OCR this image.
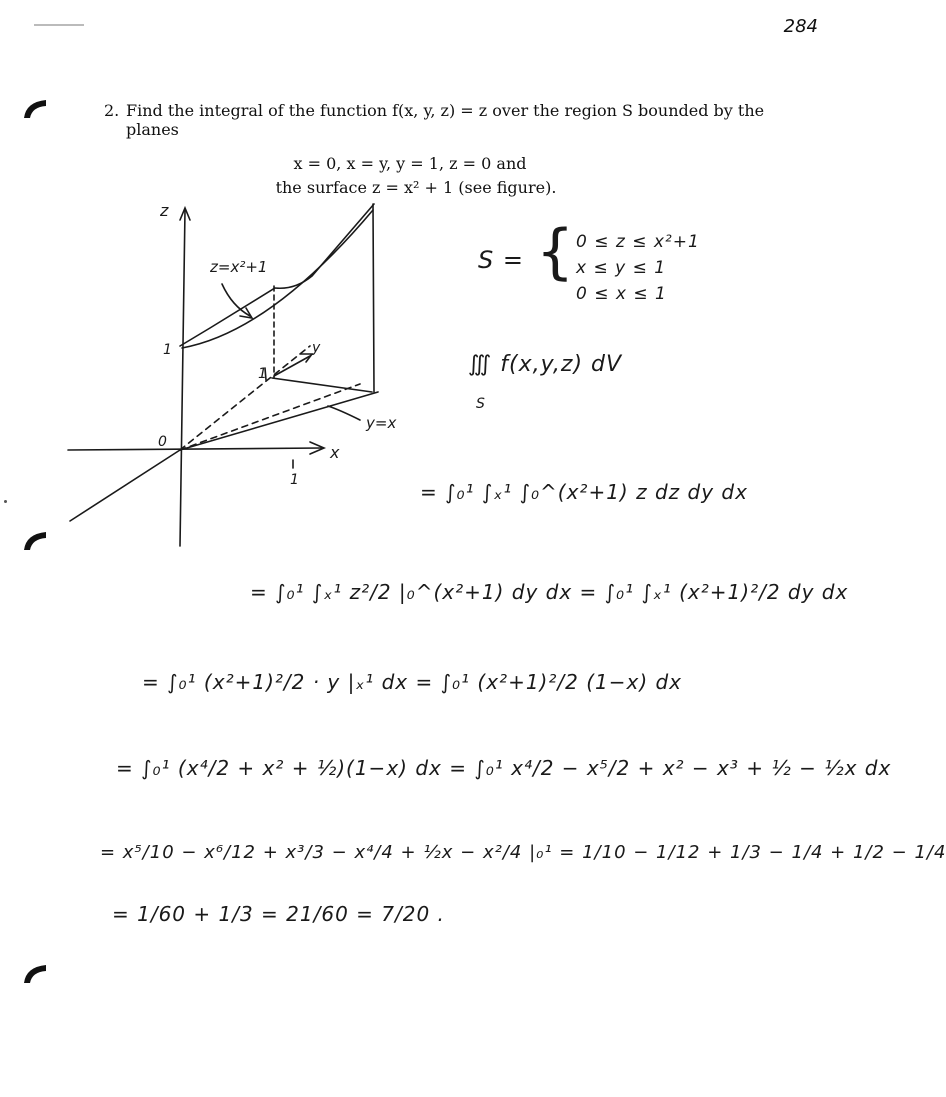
284
2. Find the integral of the function f(x, y, z) = z over the region S bounded by the
planes
x = 0, x = y, y = 1, z = 0 and
the surface z = x² + 1 (see figure).
z
x
y
z=x²+1
y=x
0
1
1
1
S = { 0 ≤ z ≤ x²+1
x ≤ y ≤ 1
0 ≤ x ≤ 1
∭ f(x,y,z) dV
S
= ∫₀¹ ∫ₓ¹ ∫₀^(x²+1) z dz dy dx
= ∫₀¹ ∫ₓ¹ z²/2 |₀^(x²+1) dy dx = ∫₀¹ ∫ₓ¹ (x²+1)²/2 dy dx
= ∫₀¹ (x²+1)²/2 · y |ₓ¹ dx = ∫₀¹ (x²+1)²/2 (1−x) dx
= ∫₀¹ (x⁴/2 + x² + ½)(1−x) dx = ∫₀¹ x⁴/2 − x⁵/2 + x² − x³ + ½ − ½x dx
= x⁵/10 − x⁶/12 + x³/3 − x⁴/4 + ½x − x²/4 |₀¹ = 1/10 − 1/12 + 1/3 − 1/4 + 1/2 − 1/4
= 1/60 + 1/3 = 21/60 = 7/20 .
